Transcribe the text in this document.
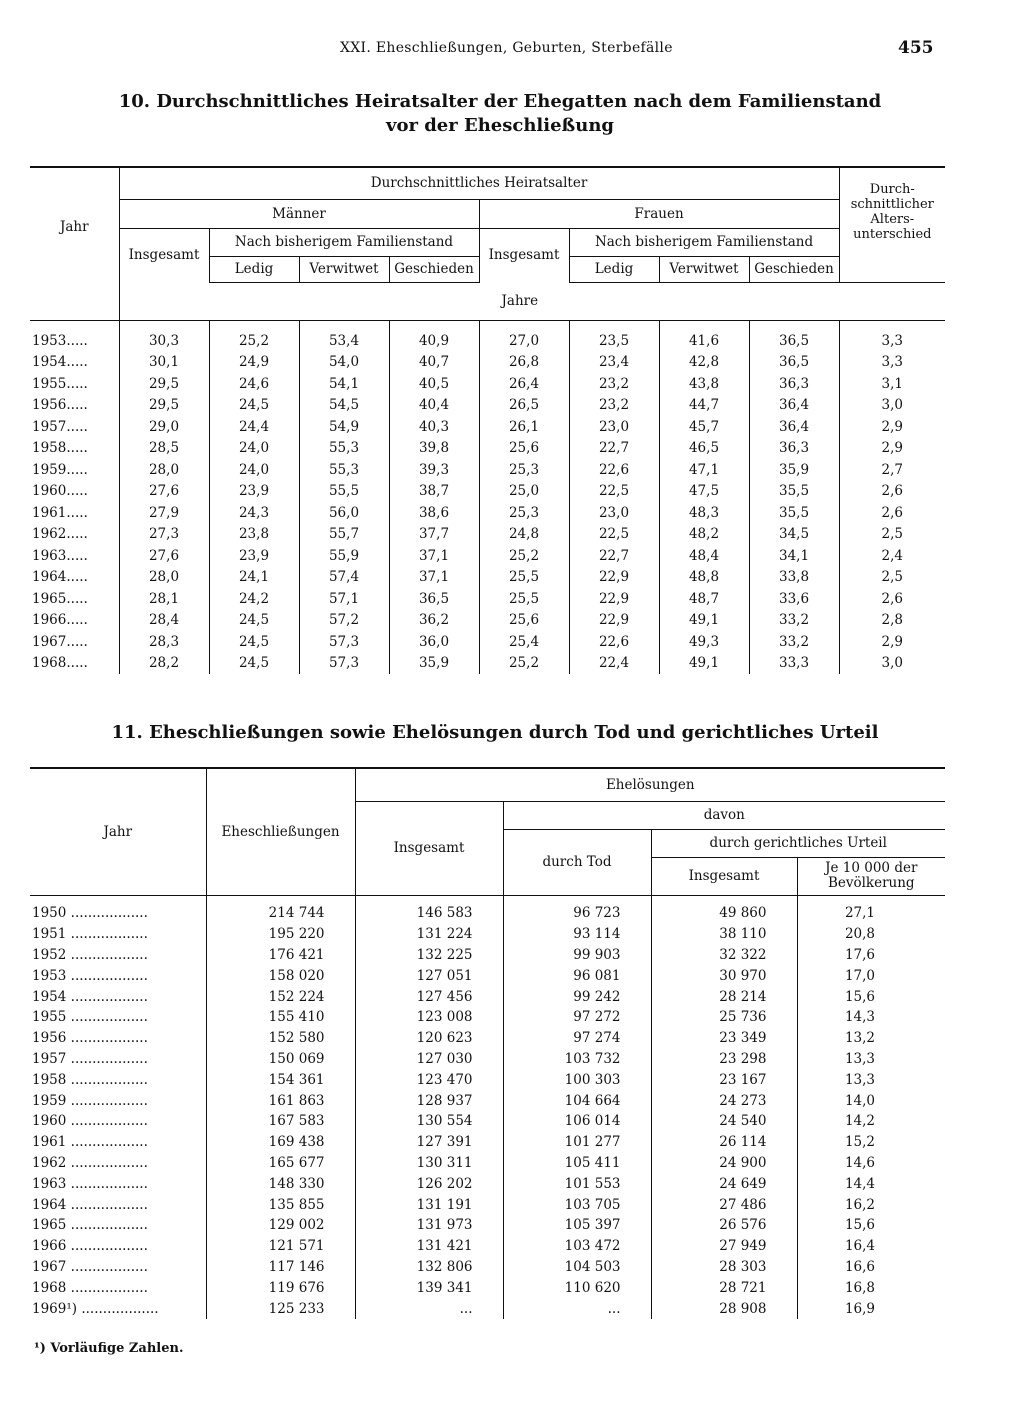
XXI. Eheschließungen, Geburten, Sterbefälle	455
10. Durchschnittliches Heiratsalter der Ehegatten nach dem Familienstand
vor der Eheschließung
Jahr	Durchschnittliches Heiratsalter								Durch- schnittlicher Alters- unterschied
	Männer				Frauen				
	Insgesamt	Nach bisherigem Familienstand			Insgesamt	Nach bisherigem Familienstand			
		Ledig	Verwitwet	Geschieden		Ledig	Verwitwet	Geschieden	
	Jahre								

1953.....	30,3	25,2	53,4	40,9	27,0	23,5	41,6	36,5	3,3
1954.....	30,1	24,9	54,0	40,7	26,8	23,4	42,8	36,5	3,3
1955.....	29,5	24,6	54,1	40,5	26,4	23,2	43,8	36,3	3,1
1956.....	29,5	24,5	54,5	40,4	26,5	23,2	44,7	36,4	3,0
1957.....	29,0	24,4	54,9	40,3	26,1	23,0	45,7	36,4	2,9
1958.....	28,5	24,0	55,3	39,8	25,6	22,7	46,5	36,3	2,9
1959.....	28,0	24,0	55,3	39,3	25,3	22,6	47,1	35,9	2,7
1960.....	27,6	23,9	55,5	38,7	25,0	22,5	47,5	35,5	2,6
1961.....	27,9	24,3	56,0	38,6	25,3	23,0	48,3	35,5	2,6
1962.....	27,3	23,8	55,7	37,7	24,8	22,5	48,2	34,5	2,5
1963.....	27,6	23,9	55,9	37,1	25,2	22,7	48,4	34,1	2,4
1964.....	28,0	24,1	57,4	37,1	25,5	22,9	48,8	33,8	2,5
1965.....	28,1	24,2	57,1	36,5	25,5	22,9	48,7	33,6	2,6
1966.....	28,4	24,5	57,2	36,2	25,6	22,9	49,1	33,2	2,8
1967.....	28,3	24,5	57,3	36,0	25,4	22,6	49,3	33,2	2,9
1968.....	28,2	24,5	57,3	35,9	25,2	22,4	49,1	33,3	3,0
11. Eheschließungen sowie Ehelösungen durch Tod und gerichtliches Urteil
Jahr	Eheschließungen	Ehelösungen			
		Insgesamt	davon		
			durch Tod	durch gerichtliches Urteil	
				Insgesamt	Je 10 000 der Bevölkerung

1950 ..................	214 744	146 583	96 723	49 860	27,1
1951 ..................	195 220	131 224	93 114	38 110	20,8
1952 ..................	176 421	132 225	99 903	32 322	17,6
1953 ..................	158 020	127 051	96 081	30 970	17,0
1954 ..................	152 224	127 456	99 242	28 214	15,6
1955 ..................	155 410	123 008	97 272	25 736	14,3
1956 ..................	152 580	120 623	97 274	23 349	13,2
1957 ..................	150 069	127 030	103 732	23 298	13,3
1958 ..................	154 361	123 470	100 303	23 167	13,3
1959 ..................	161 863	128 937	104 664	24 273	14,0
1960 ..................	167 583	130 554	106 014	24 540	14,2
1961 ..................	169 438	127 391	101 277	26 114	15,2
1962 ..................	165 677	130 311	105 411	24 900	14,6
1963 ..................	148 330	126 202	101 553	24 649	14,4
1964 ..................	135 855	131 191	103 705	27 486	16,2
1965 ..................	129 002	131 973	105 397	26 576	15,6
1966 ..................	121 571	131 421	103 472	27 949	16,4
1967 ..................	117 146	132 806	104 503	28 303	16,6
1968 ..................	119 676	139 341	110 620	28 721	16,8
1969¹) ..................	125 233	...	...	28 908	16,9
¹) Vorläufige Zahlen.
